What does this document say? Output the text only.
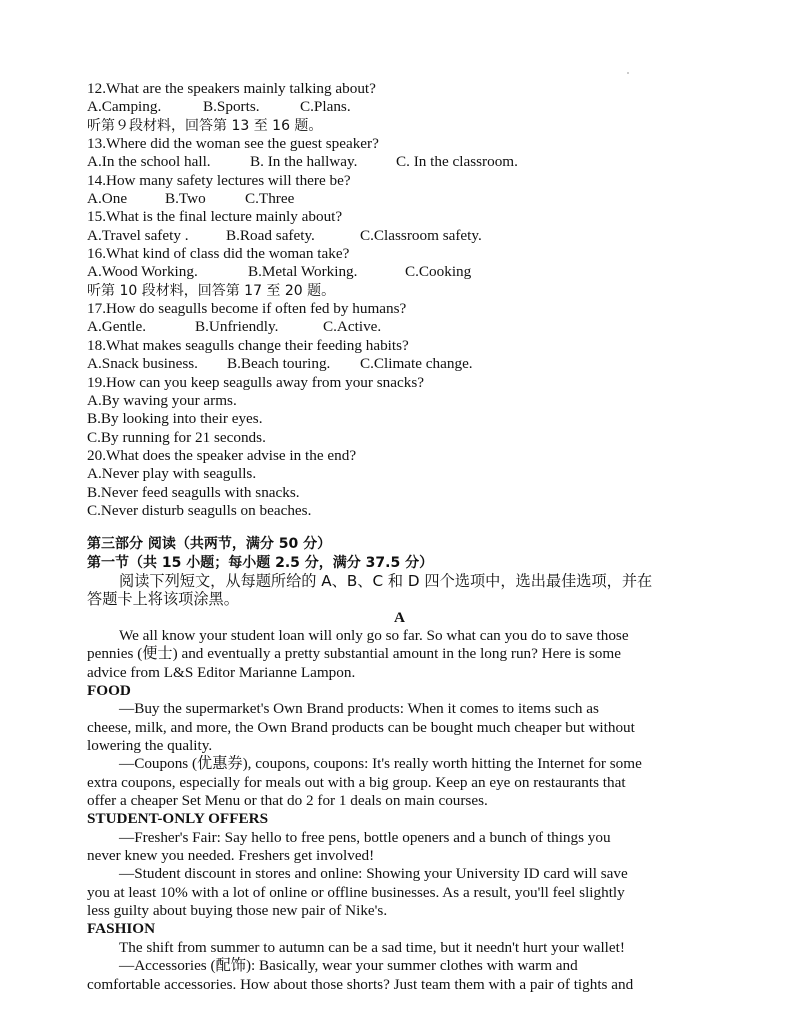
12.What are the speakers mainly talking about?
A.Camping.	B.Sports.	C.Plans.
听第９段材料，回答第 13 至 16 题。
13.Where did the woman see the guest speaker?
A.In the school hall.	B. In the hallway.	C. In the classroom.
14.How many safety lectures will there be?
A.One	B.Two	C.Three
15.What is the final lecture mainly about?
A.Travel safety .	B.Road safety.	C.Classroom safety.
16.What kind of class did the woman take?
A.Wood Working.	B.Metal Working.	C.Cooking
听第 10 段材料，回答第 17 至 20 题。
17.How do seagulls become if often fed by humans?
A.Gentle.	B.Unfriendly.	C.Active.
18.What makes seagulls change their feeding habits?
A.Snack business.	B.Beach touring.	C.Climate change.
19.How can you keep seagulls away from your snacks?
A.By waving your arms.
B.By looking into their eyes.
C.By running for 21 seconds.
20.What does the speaker advise in the end?
A.Never play with seagulls.
B.Never feed seagulls with snacks.
C.Never disturb seagulls on beaches.
第三部分 阅读（共两节，满分 50 分）
第一节（共 15 小题；每小题 2.5 分，满分 37.5 分）
阅读下列短文，从每题所给的 A、B、C 和 D 四个选项中，选出最佳选项，并在
答题卡上将该项涂黑。
A
We all know your student loan will only go so far. So what can you do to save those
pennies (便士) and eventually a pretty substantial amount in the long run? Here is some
advice from L&S Editor Marianne Lampon.
FOOD
—Buy the supermarket's Own Brand products: When it comes to items such as
cheese, milk, and more, the Own Brand products can be bought much cheaper but without
lowering the quality.
—Coupons (优惠券), coupons, coupons: It's really worth hitting the Internet for some
extra coupons, especially for meals out with a big group. Keep an eye on restaurants that
offer a cheaper Set Menu or that do 2 for 1 deals on main courses.
STUDENT-ONLY OFFERS
—Fresher's Fair: Say hello to free pens, bottle openers and a bunch of things you
never knew you needed. Freshers get involved!
—Student discount in stores and online: Showing your University ID card will save
you at least 10% with a lot of online or offline businesses. As a result, you'll feel slightly
less guilty about buying those new pair of Nike's.
FASHION
The shift from summer to autumn can be a sad time, but it needn't hurt your wallet!
—Accessories (配饰): Basically, wear your summer clothes with warm and
comfortable accessories. How about those shorts? Just team them with a pair of tights and
